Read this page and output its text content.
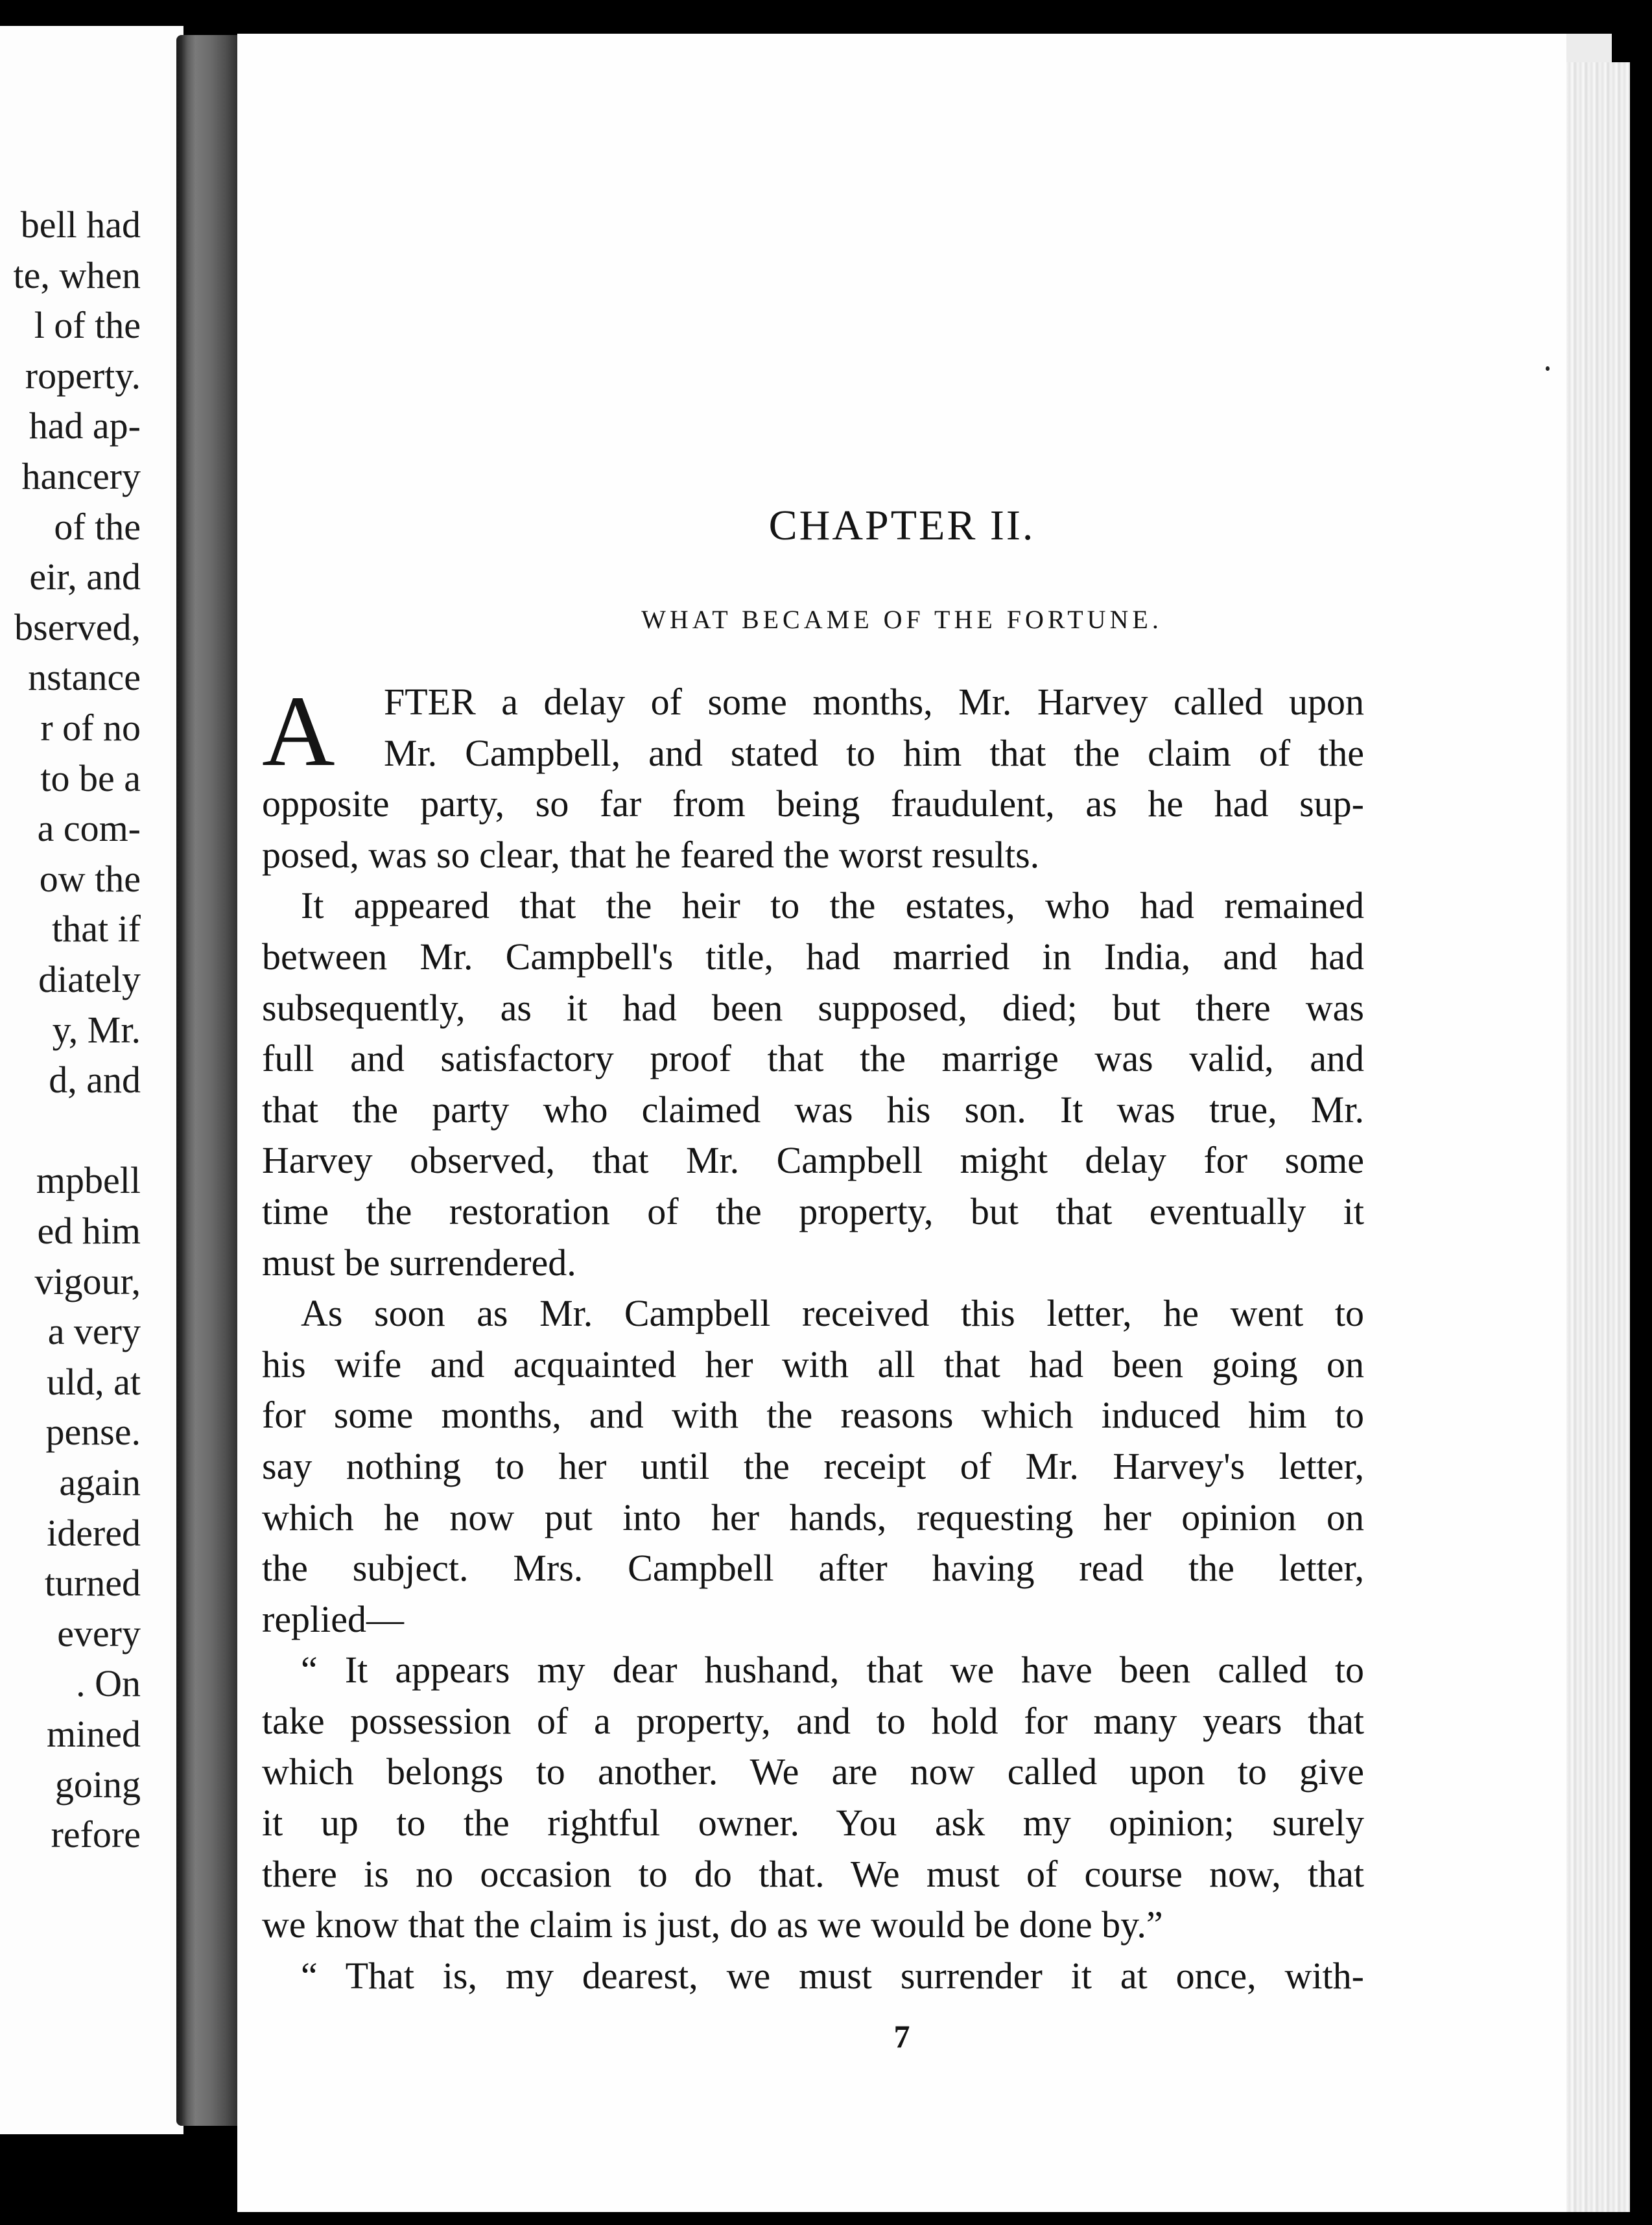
bell had
te, when
l of the
roperty.
had ap-
hancery
of the
eir, and
bserved,
nstance
r of no
to be a
a com-
ow the
that if
diately
y, Mr.
d, and
mpbell
ed him
vigour,
a very
uld, at
pense.
again
idered
turned
every
. On
mined
going
refore
CHAPTER II.
WHAT BECAME OF THE FORTUNE.
FTER a delay of some months, Mr. Harvey called upon
Mr. Campbell, and stated to him that the claim of the
opposite party, so far from being fraudulent, as he had sup-
posed, was so clear, that he feared the worst results.
It appeared that the heir to the estates, who had remained
between Mr. Campbell's title, had married in India, and had
subsequently, as it had been supposed, died; but there was
full and satisfactory proof that the marrige was valid, and
that the party who claimed was his son. It was true, Mr.
Harvey observed, that Mr. Campbell might delay for some
time the restoration of the property, but that eventually it
must be surrendered.
As soon as Mr. Campbell received this letter, he went to
his wife and acquainted her with all that had been going on
for some months, and with the reasons which induced him to
say nothing to her until the receipt of Mr. Harvey's letter,
which he now put into her hands, requesting her opinion on
the subject. Mrs. Campbell after having read the letter,
replied—
“ It appears my dear hushand, that we have been called to
take possession of a property, and to hold for many years that
which belongs to another. We are now called upon to give
it up to the rightful owner. You ask my opinion; surely
there is no occasion to do that. We must of course now, that
we know that the claim is just, do as we would be done by.”
“ That is, my dearest, we must surrender it at once, with-
A
7
